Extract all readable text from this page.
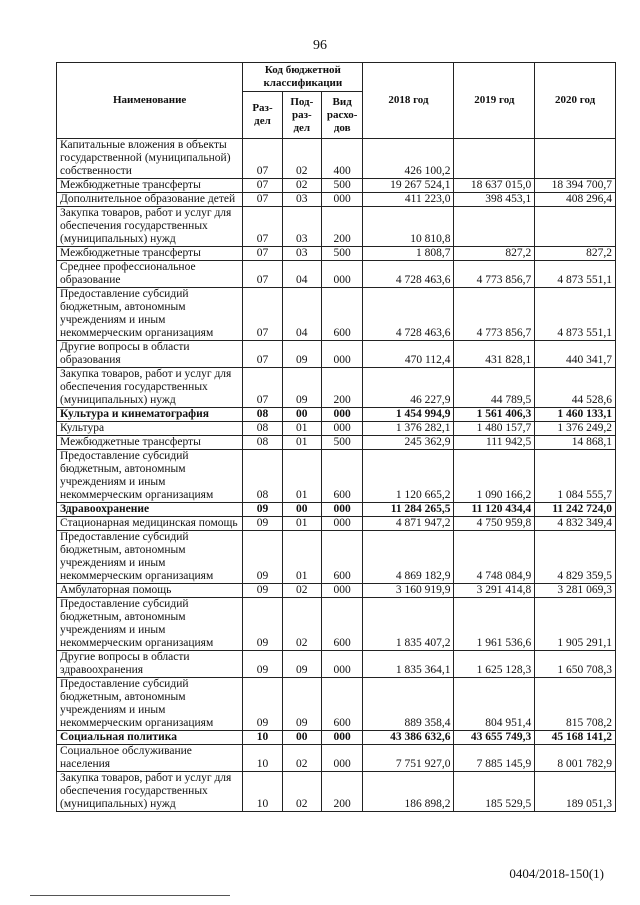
96
Наименование	Код бюджетной классификации			2018 год	2019 год	2020 год
	Раз-дел	Под-раз-дел	Вид расхо-дов			
Капитальные вложения в объекты государственной (муниципальной) собственности	07	02	400	426 100,2		
Межбюджетные трансферты	07	02	500	19 267 524,1	18 637 015,0	18 394 700,7
Дополнительное образование детей	07	03	000	411 223,0	398 453,1	408 296,4
Закупка товаров, работ и услуг для обеспечения государственных (муниципальных) нужд	07	03	200	10 810,8		
Межбюджетные трансферты	07	03	500	1 808,7	827,2	827,2
Среднее профессиональное образование	07	04	000	4 728 463,6	4 773 856,7	4 873 551,1
Предоставление субсидий бюджетным, автономным учреждениям и иным некоммерческим организациям	07	04	600	4 728 463,6	4 773 856,7	4 873 551,1
Другие вопросы в области образования	07	09	000	470 112,4	431 828,1	440 341,7
Закупка товаров, работ и услуг для обеспечения государственных (муниципальных) нужд	07	09	200	46 227,9	44 789,5	44 528,6
Культура и кинематография	08	00	000	1 454 994,9	1 561 406,3	1 460 133,1
Культура	08	01	000	1 376 282,1	1 480 157,7	1 376 249,2
Межбюджетные трансферты	08	01	500	245 362,9	111 942,5	14 868,1
Предоставление субсидий бюджетным, автономным учреждениям и иным некоммерческим организациям	08	01	600	1 120 665,2	1 090 166,2	1 084 555,7
Здравоохранение	09	00	000	11 284 265,5	11 120 434,4	11 242 724,0
Стационарная медицинская помощь	09	01	000	4 871 947,2	4 750 959,8	4 832 349,4
Предоставление субсидий бюджетным, автономным учреждениям и иным некоммерческим организациям	09	01	600	4 869 182,9	4 748 084,9	4 829 359,5
Амбулаторная помощь	09	02	000	3 160 919,9	3 291 414,8	3 281 069,3
Предоставление субсидий бюджетным, автономным учреждениям и иным некоммерческим организациям	09	02	600	1 835 407,2	1 961 536,6	1 905 291,1
Другие вопросы в области здравоохранения	09	09	000	1 835 364,1	1 625 128,3	1 650 708,3
Предоставление субсидий бюджетным, автономным учреждениям и иным некоммерческим организациям	09	09	600	889 358,4	804 951,4	815 708,2
Социальная политика	10	00	000	43 386 632,6	43 655 749,3	45 168 141,2
Социальное обслуживание населения	10	02	000	7 751 927,0	7 885 145,9	8 001 782,9
Закупка товаров, работ и услуг для обеспечения государственных (муниципальных) нужд	10	02	200	186 898,2	185 529,5	189 051,3
0404/2018-150(1)
